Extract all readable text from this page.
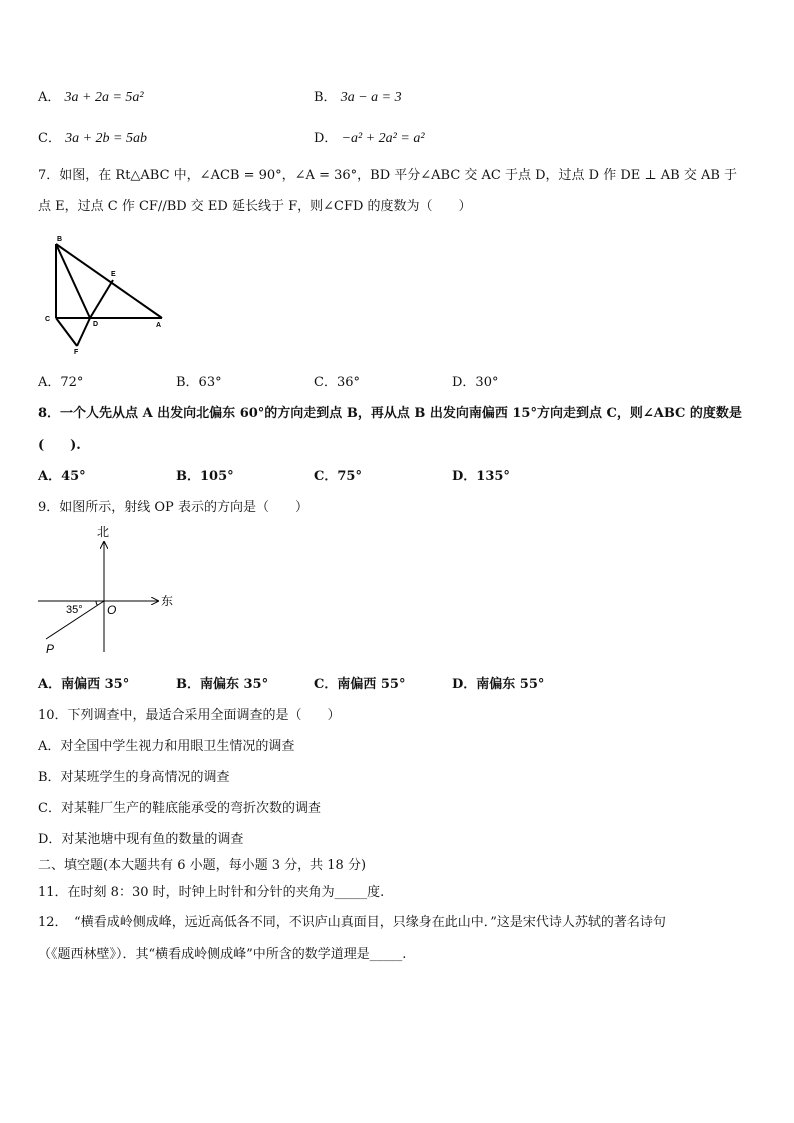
A． 3a + 2a = 5a²	B． 3a − a = 3
C． 3a + 2b = 5ab	D． −a² + 2a² = a²
7．如图，在 Rt△ABC 中，∠ACB = 90°，∠A = 36°，BD 平分∠ABC 交 AC 于点 D，过点 D 作 DE ⊥ AB 交 AB 于
点 E，过点 C 作 CF//BD 交 ED 延长线于 F，则∠CFD 的度数为（　　）
B
E
C
D	A
F
A．72°	B．63°	C．36°	D．30°
8．一个人先从点 A 出发向北偏东 60°的方向走到点 B，再从点 B 出发向南偏西 15°方向走到点 C，则∠ABC 的度数是
(　　).
A．45°	B．105°	C．75°	D．135°
9．如图所示，射线 OP 表示的方向是（　　）
北
东
35° O
P
A．南偏西 35°	B．南偏东 35°	C．南偏西 55°	D．南偏东 55°
10．下列调查中，最适合采用全面调查的是（　　）
A．对全国中学生视力和用眼卫生情况的调查
B．对某班学生的身高情况的调查
C．对某鞋厂生产的鞋底能承受的弯折次数的调查
D．对某池塘中现有鱼的数量的调查
二、填空题(本大题共有 6 小题，每小题 3 分，共 18 分)
11．在时刻 8：30 时，时钟上时针和分针的夹角为_____度.
12．　“横看成岭侧成峰，远近高低各不同，不识庐山真面目，只缘身在此山中．”这是宋代诗人苏轼的著名诗句
（《题西林壁》）．其“横看成岭侧成峰”中所含的数学道理是_____.
